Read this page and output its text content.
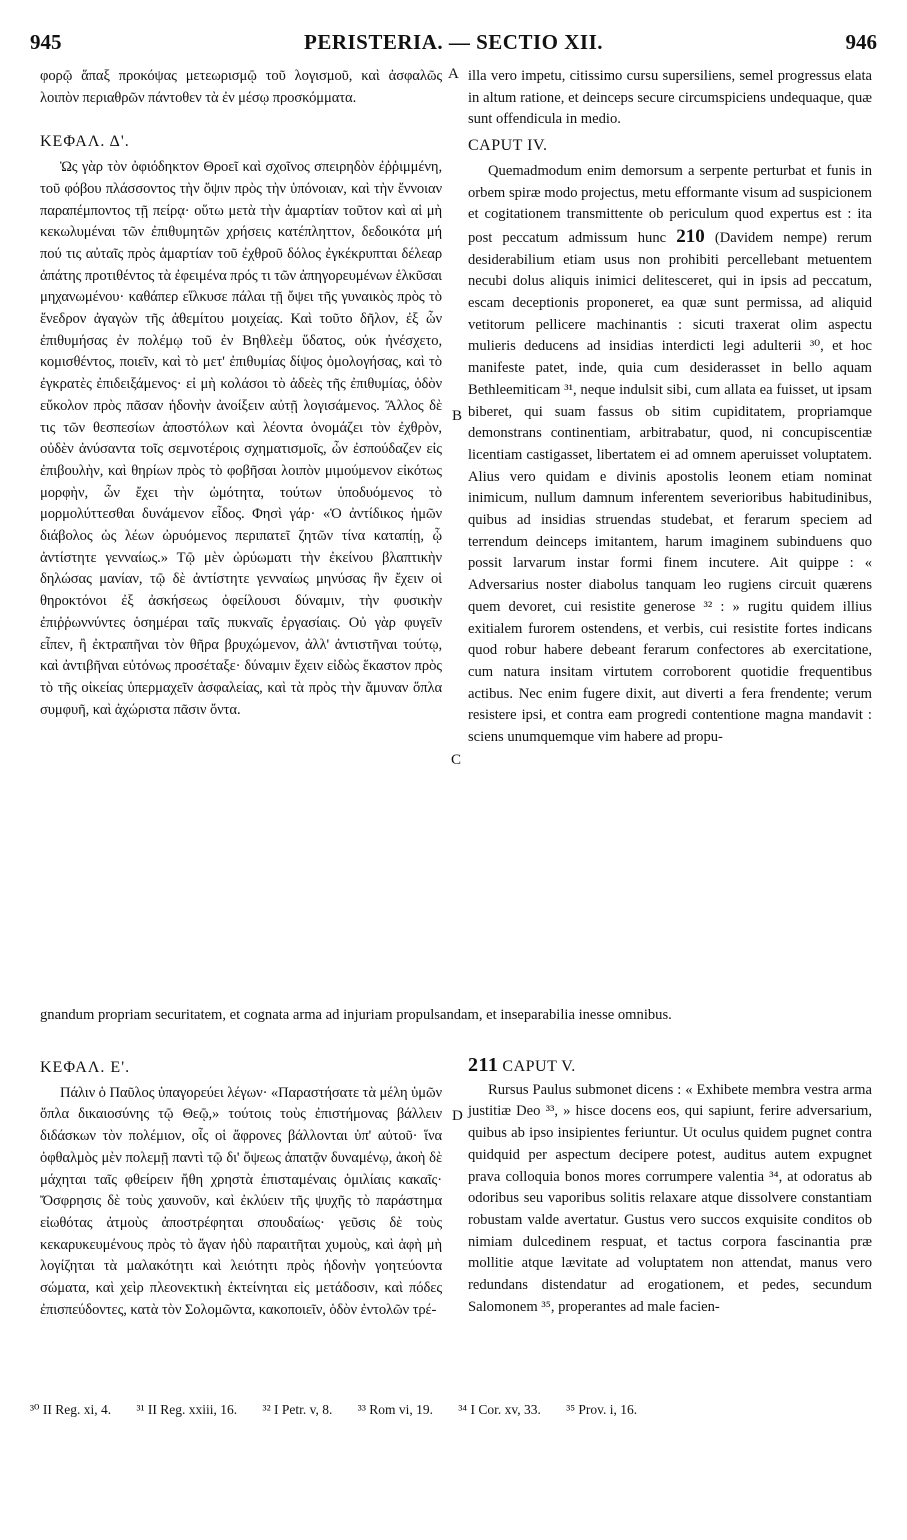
945	PERISTERIA. — SECTIO XII.	946

φορῷ ἅπαξ προκόψας μετεωρισμῷ τοῦ λογισμοῦ, καὶ ἀσφαλῶς λοιπὸν περιαθρῶν πάντοθεν τὰ ἐν μέσῳ προσκόμματα.

ΚΕΦΑΛ. Δ'.

Ὡς γὰρ τὸν ὀφιόδηκτον Θροεῖ καὶ σχοῖνος σπειρηδὸν ἐῤῥιμμένη, τοῦ φόβου πλάσσοντος τὴν ὄψιν πρὸς τὴν ὑπόνοιαν, καὶ τὴν ἔννοιαν παραπέμποντος τῇ πείρᾳ· οὕτω μετὰ τὴν ἁμαρτίαν τοῦτον καὶ αἱ μὴ κεκωλυμέναι τῶν ἐπιθυμητῶν χρήσεις κατέπληττον, δεδοικότα μή πού τις αὐταῖς πρὸς ἁμαρτίαν τοῦ ἐχθροῦ δόλος ἐγκέκρυπται δέλεαρ ἀπάτης προτιθέντος τὰ ἐφειμένα πρός τι τῶν ἀπηγορευμένων ἑλκῦσαι μηχανωμένου· καθάπερ εἵλκυσε πάλαι τῇ ὄψει τῆς γυναικὸς πρὸς τὸ ἔνεδρον ἀγαγὼν τῆς ἀθεμίτου μοιχείας. Καὶ τοῦτο δῆλον, ἐξ ὧν ἐπιθυμήσας ἐν πολέμῳ τοῦ ἐν Βηθλεὲμ ὕδατος, οὐκ ἠνέσχετο, κομισθέντος, ποιεῖν, καὶ τὸ μετ' ἐπιθυμίας δίψος ὁμολογήσας, καὶ τὸ ἐγκρατὲς ἐπιδειξάμενος· εἰ μὴ κολάσοι τὸ ἀδεὲς τῆς ἐπιθυμίας, ὁδὸν εὔκολον πρὸς πᾶσαν ἡδονὴν ἀνοίξειν αὐτῇ λογισάμενος. Ἄλλος δὲ τις τῶν θεσπεσίων ἀποστόλων καὶ λέοντα ὀνομάζει τὸν ἐχθρὸν, οὐδὲν ἀνύσαντα τοῖς σεμνοτέροις σχηματισμοῖς, ὧν ἐσπούδαζεν εἰς ἐπιβουλὴν, καὶ θηρίων πρὸς τὸ φοβῆσαι λοιπὸν μιμούμενον εἰκότως μορφὴν, ὧν ἔχει τὴν ὠμότητα, τούτων ὑποδυόμενος τὸ μορμολύττεσθαι δυνάμενον εἶδος. Φησὶ γάρ· «Ὁ ἀντίδικος ἡμῶν διάβολος ὡς λέων ὠρυόμενος περιπατεῖ ζητῶν τίνα καταπίῃ, ᾧ ἀντίστητε γενναίως.» Τῷ μὲν ὠρύωματι τὴν ἐκείνου βλαπτικὴν δηλώσας μανίαν, τῷ δὲ ἀντίστητε γενναίως μηνύσας ἣν ἔχειν οἱ θηροκτόνοι ἐξ ἀσκήσεως ὀφείλουσι δύναμιν, τὴν φυσικὴν ἐπιῤῥωννύντες ὁσημέραι ταῖς πυκναῖς ἐργασίαις. Οὐ γὰρ φυγεῖν εἶπεν, ἢ ἐκτραπῆναι τὸν θῆρα βρυχώμενον, ἀλλ' ἀντιστῆναι τούτῳ, καὶ ἀντιβῆναι εὐτόνως προσέταξε· δύναμιν ἔχειν εἰδὼς ἕκαστον πρὸς τὸ τῆς οἰκείας ὑπερμαχεῖν ἀσφαλείας, καὶ τὰ πρὸς τὴν ἄμυναν ὅπλα συμφυῆ, καὶ ἀχώριστα πᾶσιν ὄντα.

illa vero impetu, citissimo cursu supersiliens, semel progressus elata in altum ratione, et deinceps secure circumspiciens undequaque, quæ sunt offendicula in medio.

CAPUT IV.

Quemadmodum enim demorsum a serpente perturbat et funis in orbem spiræ modo projectus, metu efformante visum ad suspicionem et cogitationem transmittente ob periculum quod expertus est : ita post peccatum admissum hunc 210 (Davidem nempe) rerum desiderabilium etiam usus non prohibiti percellebant metuentem necubi dolus aliquis inimici delitesceret, qui in ipsis ad peccatum, escam deceptionis proponeret, ea quæ sunt permissa, ad aliquid vetitorum pellicere machinantis : sicuti traxerat olim aspectu mulieris deducens ad insidias interdicti legi adulterii ³⁰, et hoc manifeste patet, inde, quia cum desiderasset in bello aquam Bethleemiticam ³¹, neque indulsit sibi, cum allata ea fuisset, ut ipsam biberet, qui suam fassus ob sitim cupiditatem, propriamque demonstrans continentiam, arbitrabatur, quod, ni concupiscentiæ licentiam castigasset, libertatem ei ad omnem aperuisset voluptatem. Alius vero quidam e divinis apostolis leonem etiam nominat inimicum, nullum damnum inferentem severioribus habitudinibus, quibus ad insidias struendas studebat, et ferarum speciem ad terrendum deinceps imitantem, harum imaginem subinduens quo possit larvarum instar formi finem incutere. Ait quippe : « Adversarius noster diabolus tanquam leo rugiens circuit quærens quem devoret, cui resistite generose ³² : » rugitu quidem illius exitialem furorem ostendens, et verbis, cui resistite fortes indicans quod robur habere debeant ferarum confectores ab exercitatione, cum natura insitam virtutem corroborent quotidie frequentibus actibus. Nec enim fugere dixit, aut diverti a fera frendente; verum resistere ipsi, et contra eam progredi contentione magna mandavit : sciens unumquemque vim habere ad propu-

gnandum propriam securitatem, et cognata arma ad injuriam propulsandam, et inseparabilia inesse omnibus.

ΚΕΦΑΛ. Ε'.

Πάλιν ὁ Παῦλος ὑπαγορεύει λέγων· «Παραστήσατε τὰ μέλη ὑμῶν ὅπλα δικαιοσύνης τῷ Θεῷ,» τούτοις τοὺς ἐπιστήμονας βάλλειν διδάσκων τὸν πολέμιον, οἷς οἱ ἄφρονες βάλλονται ὑπ' αὐτοῦ· ἵνα ὀφθαλμὸς μὲν πολεμῇ παντὶ τῷ δι' ὄψεως ἀπατᾷν δυναμένῳ, ἀκοὴ δὲ μάχηται ταῖς φθείρειν ἤθη χρηστὰ ἐπισταμέναις ὁμιλίαις κακαῖς· Ὄσφρησις δὲ τοὺς χαυνοῦν, καὶ ἐκλύειν τῆς ψυχῆς τὸ παράστημα εἰωθότας ἀτμοὺς ἀποστρέφηται σπουδαίως· γεῦσις δὲ τοὺς κεκαρυκευμένους πρὸς τὸ ἄγαν ἡδὺ παραιτῆται χυμοὺς, καὶ ἁφὴ μὴ λογίζηται τὰ μαλακότητι καὶ λειότητι πρὸς ἡδονὴν γοητεύοντα σώματα, καὶ χεὶρ πλεονεκτικὴ ἐκτείνηται εἰς μετάδοσιν, καὶ πόδες ἐπισπεύδοντες, κατὰ τὸν Σολομῶντα, κακοποιεῖν, ὁδὸν ἐντολῶν τρέ-

211 CAPUT V.

Rursus Paulus submonet dicens : « Exhibete membra vestra arma justitiæ Deo ³³, » hisce docens eos, qui sapiunt, ferire adversarium, quibus ab ipso insipientes feriuntur. Ut oculus quidem pugnet contra quidquid per aspectum decipere potest, auditus autem expugnet prava colloquia bonos mores corrumpere valentia ³⁴, at odoratus ab odoribus seu vaporibus solitis relaxare atque dissolvere constantiam robustam valde avertatur. Gustus vero succos exquisite conditos ob nimiam dulcedinem respuat, et tactus corpora fascinantia præ mollitie atque lævitate ad voluptatem non attendat, manus vero redundans distendatur ad erogationem, et pedes, secundum Salomonem ³⁵, properantes ad male facien-

A
B
C
D
³⁰ II Reg. xi, 4. ³¹ II Reg. xxiii, 16. ³² I Petr. v, 8. ³³ Rom vi, 19. ³⁴ I Cor. xv, 33. ³⁵ Prov. i, 16.
